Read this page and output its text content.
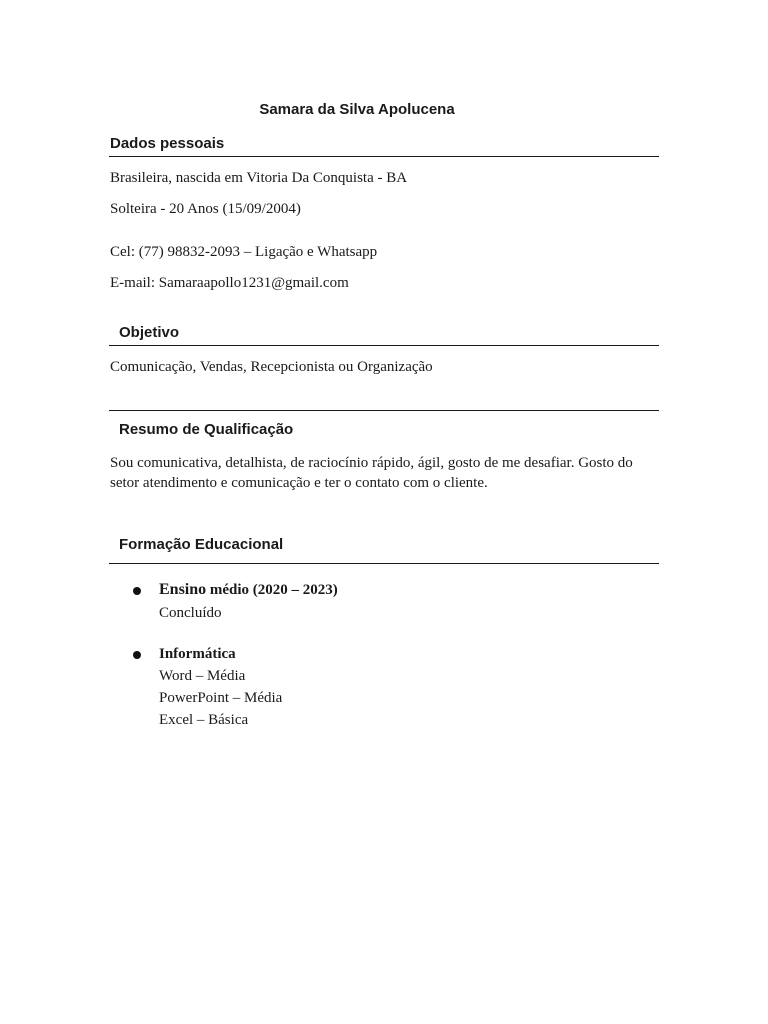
Samara da Silva Apolucena
Dados pessoais
Brasileira, nascida em Vitoria Da Conquista - BA
Solteira - 20 Anos (15/09/2004)
Cel: (77) 98832-2093 – Ligação e Whatsapp
E-mail: Samaraapollo1231@gmail.com
Objetivo
Comunicação, Vendas, Recepcionista ou Organização
Resumo de Qualificação
Sou comunicativa, detalhista, de raciocínio rápido, ágil, gosto de me desafiar. Gosto do setor atendimento e comunicação e ter o contato com o cliente.
Formação Educacional
Ensino médio (2020 – 2023)
Concluído
Informática
Word – Média
PowerPoint – Média
Excel – Básica
